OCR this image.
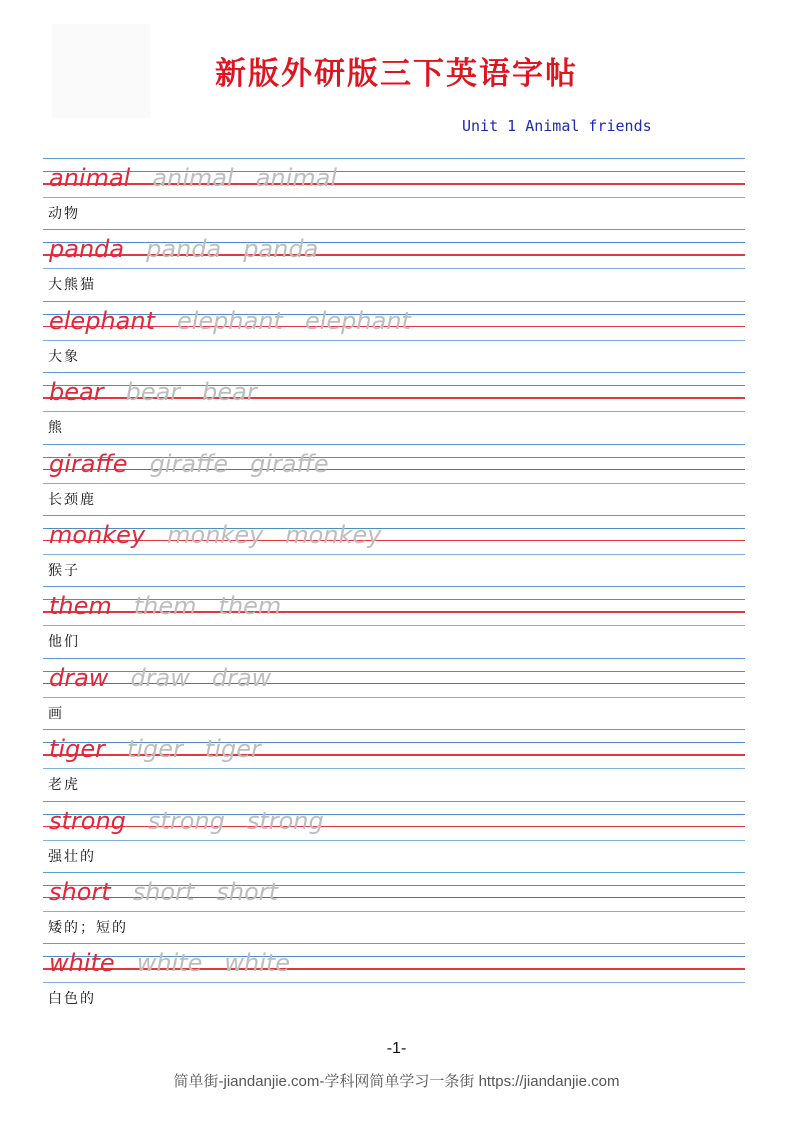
新版外研版三下英语字帖
Unit 1 Animal friends
animal animal animal
动物
panda panda panda
大熊猫
elephant elephant elephant
大象
bear bear bear
熊
giraffe giraffe giraffe
长颈鹿
monkey monkey monkey
猴子
them them them
他们
draw draw draw
画
tiger tiger tiger
老虎
strong strong strong
强壮的
short short short
矮的；短的
white white white
白色的
-1-
简单街-jiandanjie.com-学科网简单学习一条街 https://jiandanjie.com
